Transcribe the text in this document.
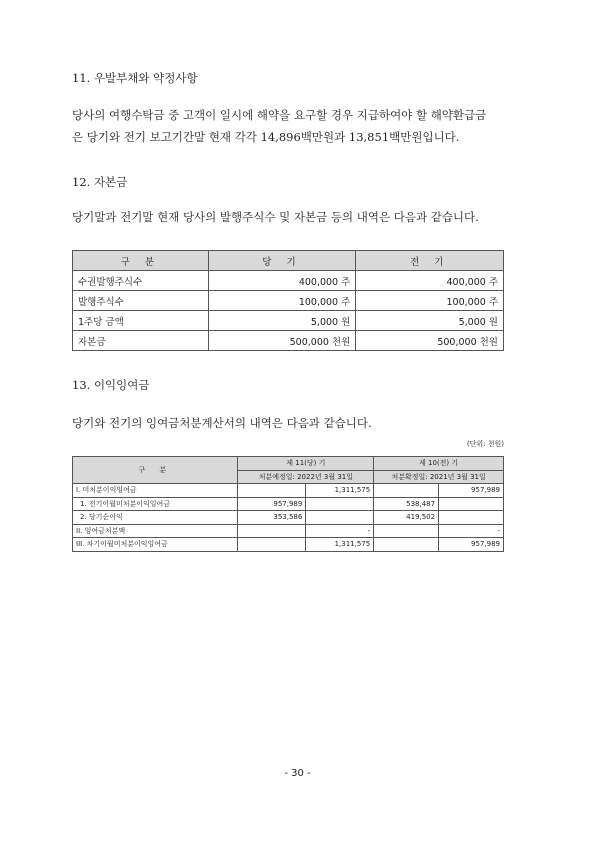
11. 우발부채와 약정사항
당사의 여행수탁금 중 고객이 일시에 해약을 요구할 경우 지급하여야 할 해약환급금
은 당기와 전기 보고기간말 현재 각각 14,896백만원과 13,851백만원입니다.
12. 자본금
당기말과 전기말 현재 당사의 발행주식수 및 자본금 등의 내역은 다음과 같습니다.
구 분	당 기	전 기
수권발행주식수	400,000 주	400,000 주
발행주식수	100,000 주	100,000 주
1주당 금액	5,000 원	5,000 원
자본금	500,000 천원	500,000 천원
13. 이익잉여금
당기와 전기의 잉여금처분계산서의 내역은 다음과 같습니다.
(단위: 천원)
구 분	제 11(당) 기		제 10(전) 기	
	처분예정일: 2022년 3월 31일		처분확정일: 2021년 3월 31일	
I. 미처분이익잉여금		1,311,575		957,989
1. 전기이월미처분이익잉여금	957,989		538,487	
2. 당기순이익	353,586		419,502	
II. 잉여금처분액		-		-
III. 차기이월미처분이익잉여금		1,311,575		957,989
- 30 -
